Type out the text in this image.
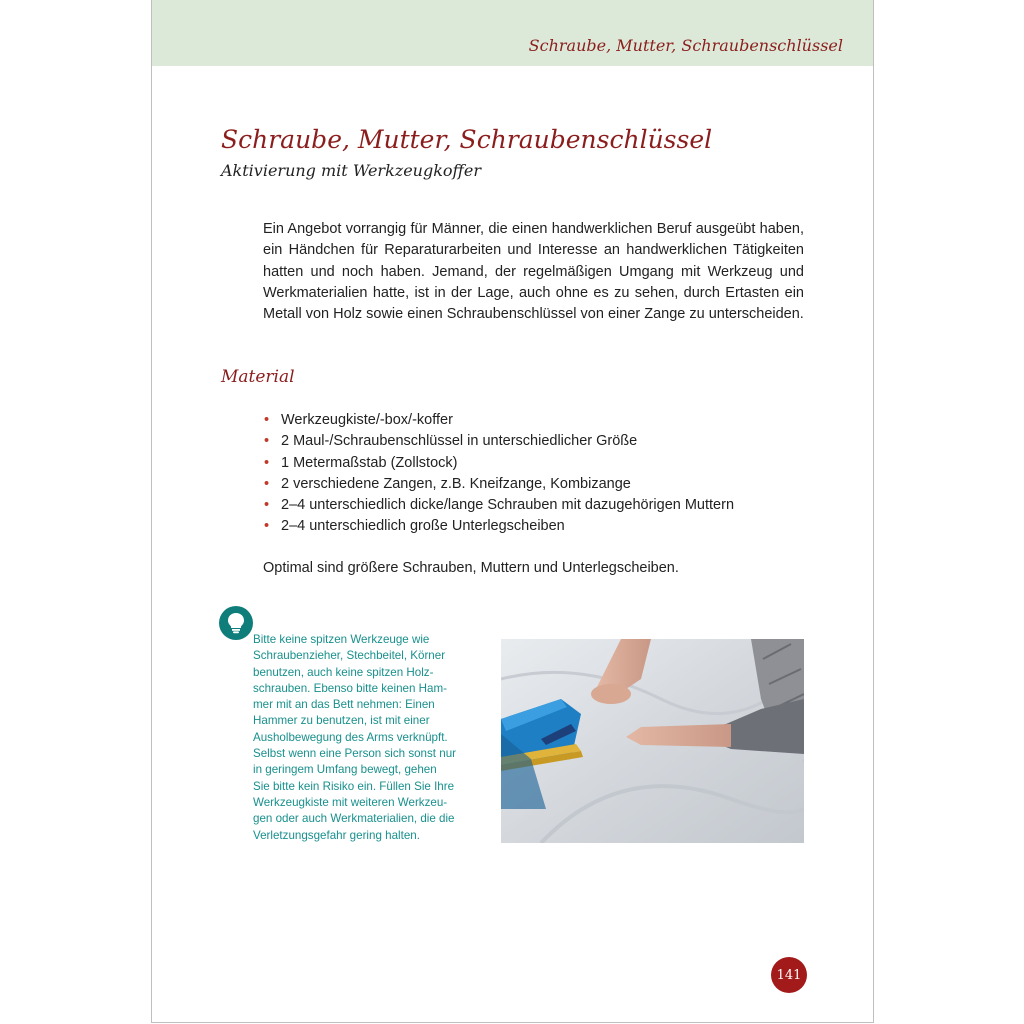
Schraube, Mutter, Schraubenschlüssel
Schraube, Mutter, Schraubenschlüssel
Aktivierung mit Werkzeugkoffer
Ein Angebot vorrangig für Männer, die einen handwerklichen Beruf ausgeübt haben, ein Händchen für Reparaturarbeiten und Interesse an handwerklichen Tätigkeiten hatten und noch haben. Jemand, der regelmäßigen Umgang mit Werkzeug und Werkmaterialien hatte, ist in der Lage, auch ohne es zu sehen, durch Ertasten ein Metall von Holz sowie einen Schraubenschlüssel von einer Zange zu unterscheiden.
Material
• Werkzeugkiste/-box/-koffer
• 2 Maul-/Schraubenschlüssel in unterschiedlicher Größe
• 1 Metermaßstab (Zollstock)
• 2 verschiedene Zangen, z.B. Kneifzange, Kombizange
• 2–4 unterschiedlich dicke/lange Schrauben mit dazugehörigen Muttern
• 2–4 unterschiedlich große Unterlegscheiben
Optimal sind größere Schrauben, Muttern und Unterlegscheiben.
Bitte keine spitzen Werkzeuge wie
Schraubenzieher, Stechbeitel, Körner
benutzen, auch keine spitzen Holz-
schrauben. Ebenso bitte keinen Ham-
mer mit an das Bett nehmen: Einen
Hammer zu benutzen, ist mit einer
Ausholbewegung des Arms verknüpft.
Selbst wenn eine Person sich sonst nur
in geringem Umfang bewegt, gehen
Sie bitte kein Risiko ein. Füllen Sie Ihre
Werkzeugkiste mit weiteren Werkzeu-
gen oder auch Werkmaterialien, die die
Verletzungsgefahr gering halten.
141
